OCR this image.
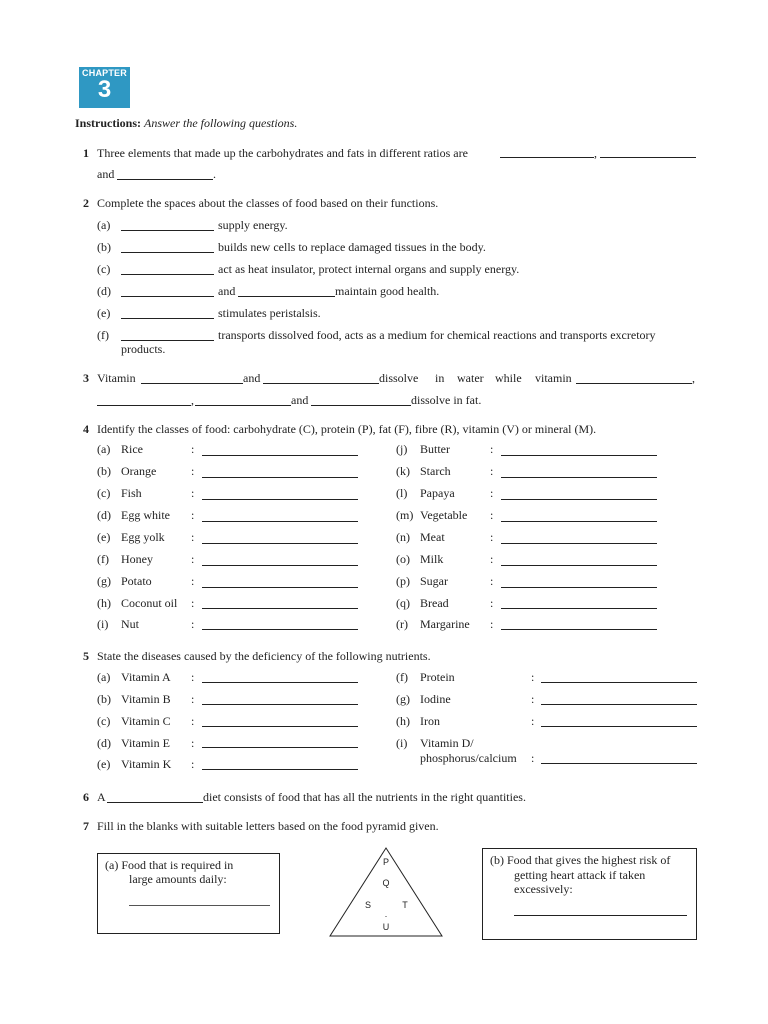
CHAPTER
3
Instructions: Answer the following questions.
1 Three elements that made up the carbohydrates and fats in different ratios are	,
and	.
2 Complete the spaces about the classes of food based on their functions.
(a)	supply energy.
(b)	builds new cells to replace damaged tissues in the body.
(c)	act as heat insulator, protect internal organs and supply energy.
(d)	and	maintain good health.
(e)	stimulates peristalsis.
(f)	transports dissolved food, acts as a medium for chemical reactions and transports excretory
products.
3 Vitamin	and	dissolve in water while vitamin	,
,	and	dissolve in fat.
4 Identify the classes of food: carbohydrate (C), protein (P), fat (F), fibre (R), vitamin (V) or mineral (M).
(a) Rice	:
(b) Orange	:
(c) Fish	:
(d) Egg white :
(e) Egg yolk :
(f) Honey	:
(g) Potato	:
(h) Coconut oil :
(i) Nut	:
(j) Butter	:
(k) Starch	:
(l) Papaya	:
(m) Vegetable :
(n) Meat	:
(o) Milk	:
(p) Sugar	:
(q) Bread	:
(r) Margarine :
5 State the diseases caused by the deficiency of the following nutrients.
(a) Vitamin A :
(b) Vitamin B :
(c) Vitamin C :
(d) Vitamin E :
(e) Vitamin K :
(f) Protein	:
(g) Iodine	:
(h) Iron	:
(i) Vitamin D/
phosphorus/calcium :
6 A	diet consists of food that has all the nutrients in the right quantities.
7 Fill in the blanks with suitable letters based on the food pyramid given.
(a) Food that is required in
large amounts daily:
P
Q
S	T
.
U
(b) Food that gives the highest risk of
getting heart attack if taken
excessively:
